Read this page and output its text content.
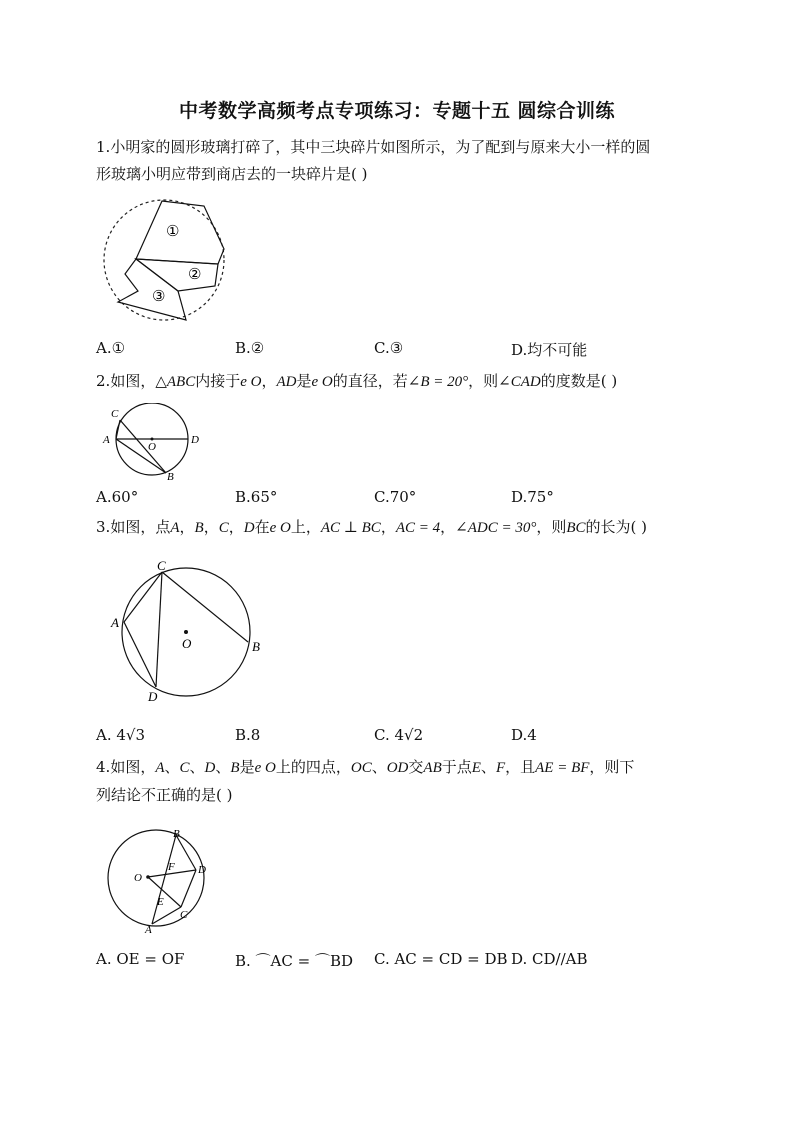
中考数学高频考点专项练习：专题十五 圆综合训练
1.小明家的圆形玻璃打碎了，其中三块碎片如图所示，为了配到与原来大小一样的圆
形玻璃小明应带到商店去的一块碎片是( )
①
②
③
A.①	B.②	C.③	D.均不可能
2.如图，△ABC内接于e O，AD是e O的直径，若∠B = 20°，则∠CAD的度数是( )
C
A
O
D
B
A.60°	B.65°	C.70°	D.75°
3.如图，点A，B，C，D在e O上，AC ⊥ BC，AC = 4，∠ADC = 30°，则BC的长为( )
C
A
O	B
D
A. 4√3	B.8	C. 4√2	D.4
4.如图，A、C、D、B是e O上的四点，OC、OD交AB于点E、F，且AE = BF，则下
列结论不正确的是( )
B
O
F D
E
C
A
A. OE = OF	B. ⌒AC = ⌒BD C. AC = CD = DB D. CD//AB
